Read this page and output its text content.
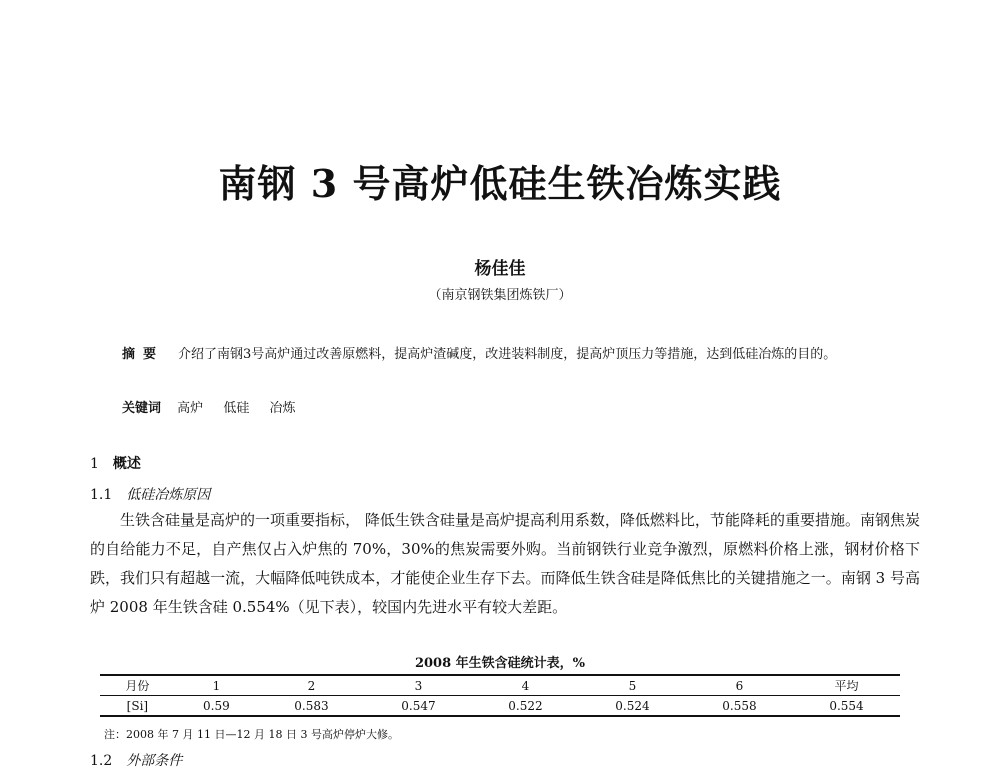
南钢 3 号高炉低硅生铁冶炼实践
杨佳佳
（南京钢铁集团炼铁厂）
摘要 介绍了南钢3号高炉通过改善原燃料，提高炉渣碱度，改进装料制度，提高炉顶压力等措施，达到低硅冶炼的目的。
关键词 高炉 低硅 冶炼
1 概述
1.1 低硅冶炼原因
生铁含硅量是高炉的一项重要指标， 降低生铁含硅量是高炉提高利用系数，降低燃料比，节能降耗的重要措施。南钢焦炭的自给能力不足，自产焦仅占入炉焦的 70%，30%的焦炭需要外购。当前钢铁行业竞争激烈，原燃料价格上涨，钢材价格下跌，我们只有超越一流，大幅降低吨铁成本，才能使企业生存下去。而降低生铁含硅是降低焦比的关键措施之一。南钢 3 号高炉 2008 年生铁含硅 0.554%（见下表），较国内先进水平有较大差距。
2008 年生铁含硅统计表，%
月份	1	2	3	4	5	6	平均
[Si]	0.59	0.583	0.547	0.522	0.524	0.558	0.554
注：2008 年 7 月 11 日—12 月 18 日 3 号高炉停炉大修。
1.2 外部条件
